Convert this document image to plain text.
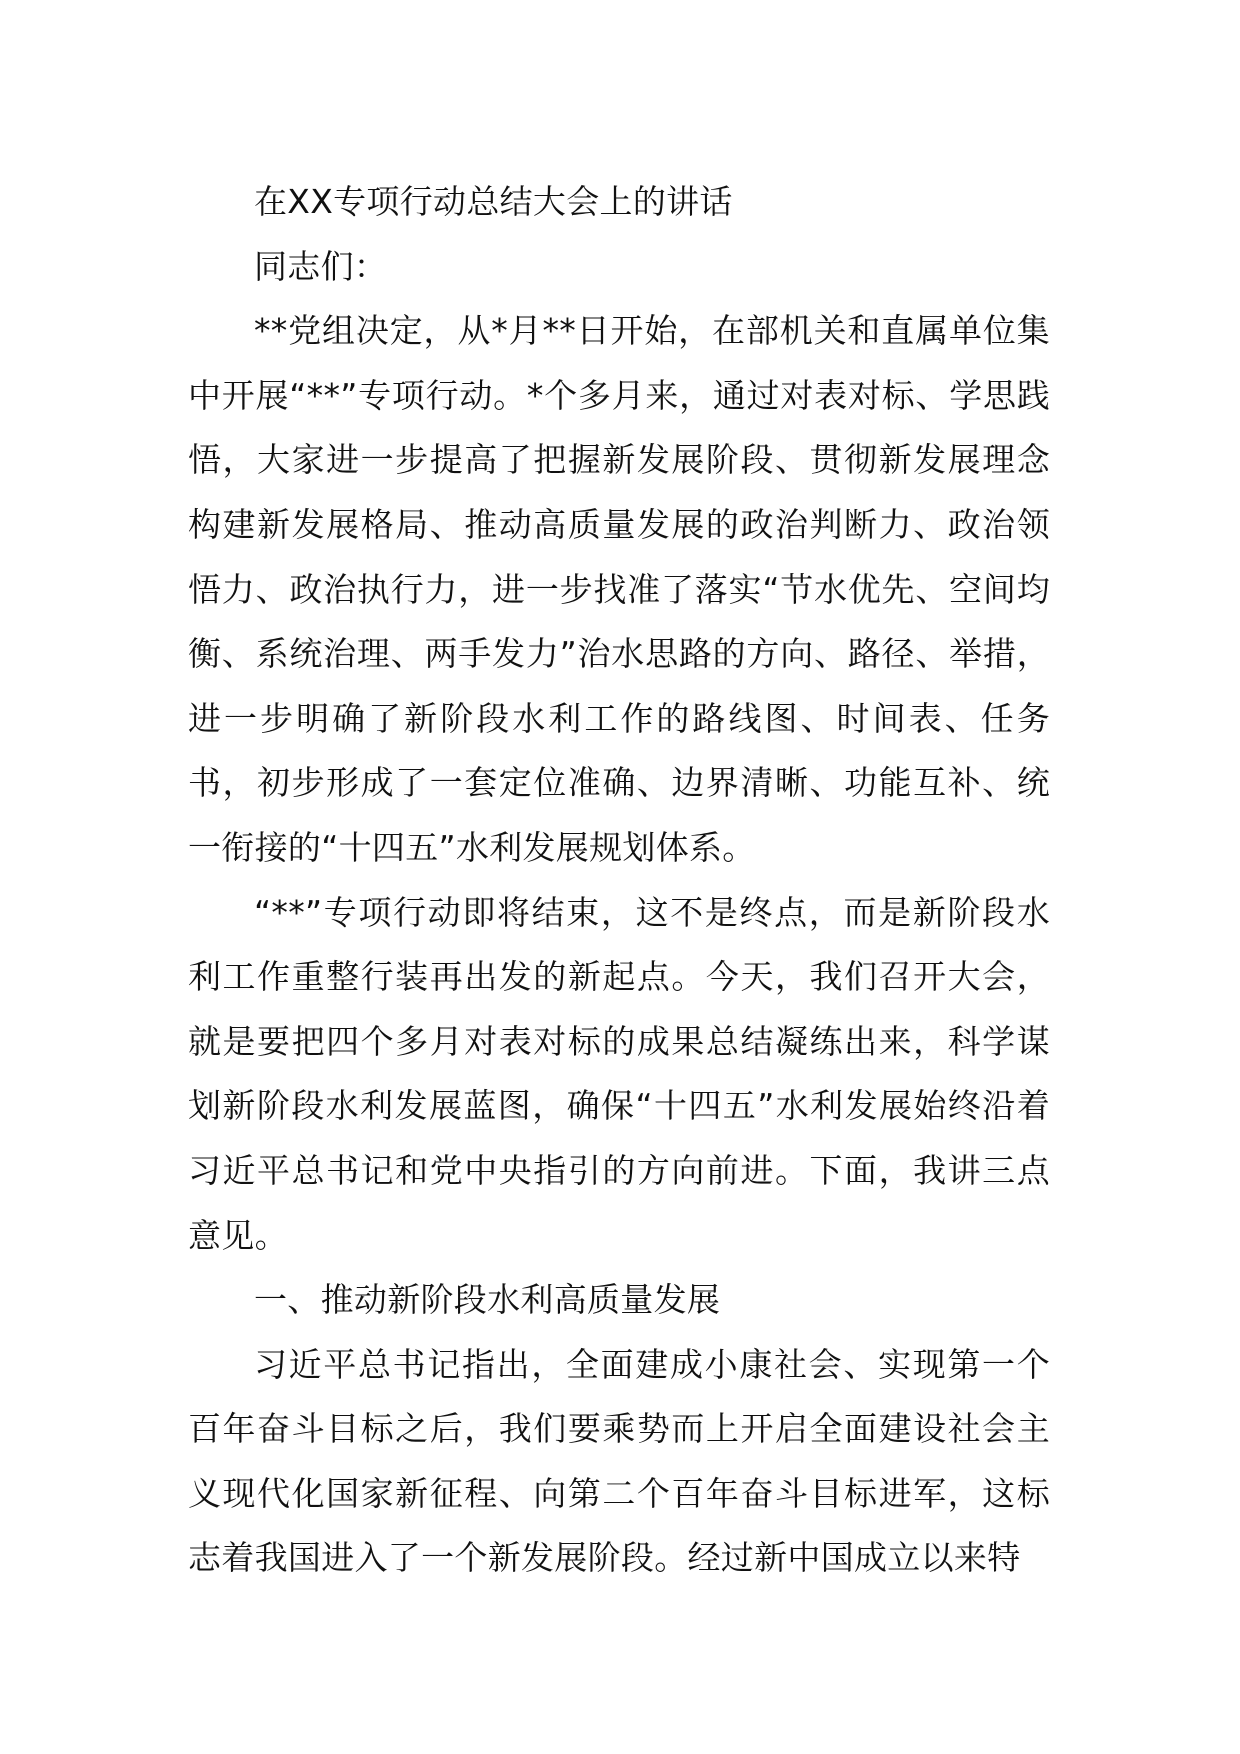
在XX专项行动总结大会上的讲话

同志们：

**党组决定，从*月**日开始，在部机关和直属单位集中开展“**”专项行动。*个多月来，通过对表对标、学思践悟，大家进一步提高了把握新发展阶段、贯彻新发展理念构建新发展格局、推动高质量发展的政治判断力、政治领悟力、政治执行力，进一步找准了落实“节水优先、空间均衡、系统治理、两手发力”治水思路的方向、路径、举措，进一步明确了新阶段水利工作的路线图、时间表、任务书，初步形成了一套定位准确、边界清晰、功能互补、统一衔接的“十四五”水利发展规划体系。

“**”专项行动即将结束，这不是终点，而是新阶段水利工作重整行装再出发的新起点。今天，我们召开大会，就是要把四个多月对表对标的成果总结凝练出来，科学谋划新阶段水利发展蓝图，确保“十四五”水利发展始终沿着习近平总书记和党中央指引的方向前进。下面，我讲三点意见。

一、推动新阶段水利高质量发展

习近平总书记指出，全面建成小康社会、实现第一个百年奋斗目标之后，我们要乘势而上开启全面建设社会主义现代化国家新征程、向第二个百年奋斗目标进军，这标志着我国进入了一个新发展阶段。经过新中国成立以来特
